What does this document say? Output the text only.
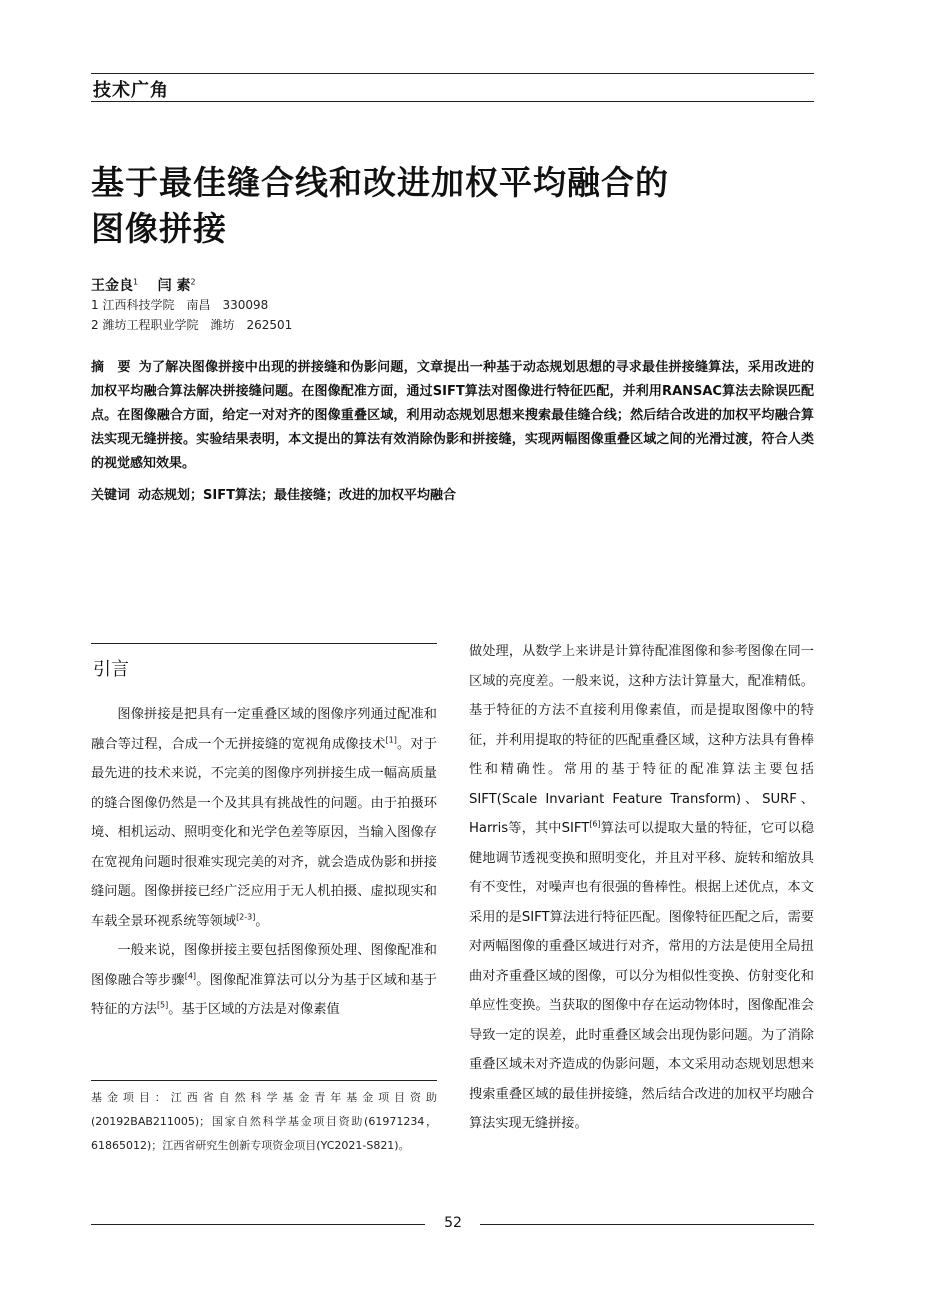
技术广角
基于最佳缝合线和改进加权平均融合的
图像拼接
王金良$^1$ 闫 素$^2$
1 江西科技学院　南昌　330098
2 潍坊工程职业学院　潍坊　262501
摘　要 为了解决图像拼接中出现的拼接缝和伪影问题，文章提出一种基于动态规划思想的寻求最佳拼接缝算法，采用改进的加权平均融合算法解决拼接缝问题。在图像配准方面，通过SIFT算法对图像进行特征匹配，并利用RANSAC算法去除误匹配点。在图像融合方面，给定一对对齐的图像重叠区域，利用动态规划思想来搜索最佳缝合线；然后结合改进的加权平均融合算法实现无缝拼接。实验结果表明，本文提出的算法有效消除伪影和拼接缝，实现两幅图像重叠区域之间的光滑过渡，符合人类的视觉感知效果。
关键词 动态规划；SIFT算法；最佳接缝；改进的加权平均融合
引言

图像拼接是把具有一定重叠区域的图像序列通过配准和融合等过程，合成一个无拼接缝的宽视角成像技术[1]。对于最先进的技术来说，不完美的图像序列拼接生成一幅高质量的缝合图像仍然是一个及其具有挑战性的问题。由于拍摄环境、相机运动、照明变化和光学色差等原因，当输入图像存在宽视角问题时很难实现完美的对齐，就会造成伪影和拼接缝问题。图像拼接已经广泛应用于无人机拍摄、虚拟现实和车载全景环视系统等领域[2-3]。

一般来说，图像拼接主要包括图像预处理、图像配准和图像融合等步骤[4]。图像配准算法可以分为基于区域和基于特征的方法[5]。基于区域的方法是对像素值

做处理，从数学上来讲是计算待配准图像和参考图像在同一区域的亮度差。一般来说，这种方法计算量大，配准精低。基于特征的方法不直接利用像素值，而是提取图像中的特征，并利用提取的特征的匹配重叠区域，这种方法具有鲁棒性和精确性。常用的基于特征的配准算法主要包括SIFT(Scale Invariant Feature Transform)、SURF、Harris等，其中SIFT[6]算法可以提取大量的特征，它可以稳健地调节透视变换和照明变化，并且对平移、旋转和缩放具有不变性，对噪声也有很强的鲁棒性。根据上述优点，本文采用的是SIFT算法进行特征匹配。图像特征匹配之后，需要对两幅图像的重叠区域进行对齐，常用的方法是使用全局扭曲对齐重叠区域的图像，可以分为相似性变换、仿射变化和单应性变换。当获取的图像中存在运动物体时，图像配准会导致一定的误差，此时重叠区域会出现伪影问题。为了消除重叠区域未对齐造成的伪影问题，本文采用动态规划思想来搜索重叠区域的最佳拼接缝，然后结合改进的加权平均融合算法实现无缝拼接。

基金项目：江西省自然科学基金青年基金项目资助(20192BAB211005)；国家自然科学基金项目资助(61971234，61865012)；江西省研究生创新专项资金项目(YC2021-S821)。
52
